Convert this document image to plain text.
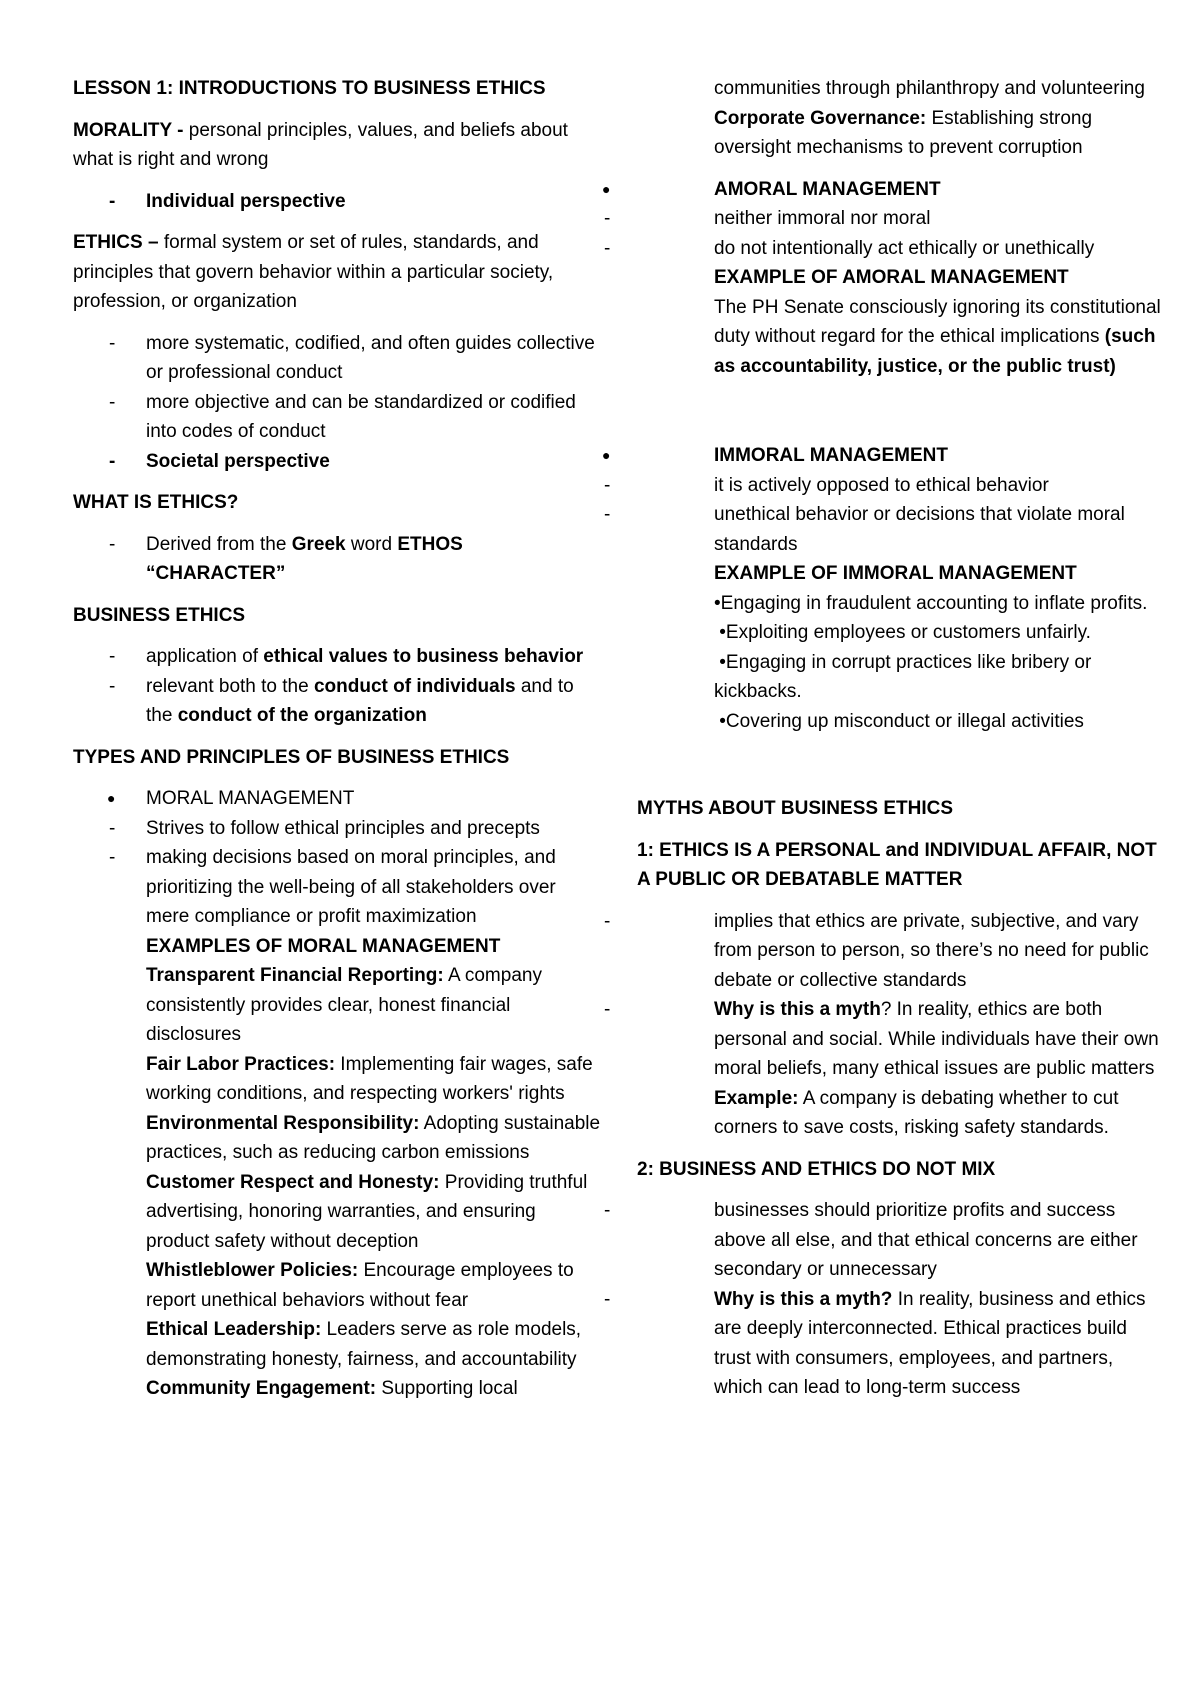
LESSON 1: INTRODUCTIONS TO BUSINESS ETHICS

MORALITY - personal principles, values, and beliefs about what is right and wrong

- Individual perspective

ETHICS – formal system or set of rules, standards, and principles that govern behavior within a particular society, profession, or organization

- more systematic, codified, and often guides collective or professional conduct
- more objective and can be standardized or codified into codes of conduct
- Societal perspective

WHAT IS ETHICS?

- Derived from the Greek word ETHOS
“CHARACTER”

BUSINESS ETHICS

- application of ethical values to business behavior
- relevant both to the conduct of individuals and to the conduct of the organization

TYPES AND PRINCIPLES OF BUSINESS ETHICS

● MORAL MANAGEMENT
- Strives to follow ethical principles and precepts
- making decisions based on moral principles, and prioritizing the well-being of all stakeholders over mere compliance or profit maximization
EXAMPLES OF MORAL MANAGEMENT
Transparent Financial Reporting: A company consistently provides clear, honest financial disclosures
Fair Labor Practices: Implementing fair wages, safe working conditions, and respecting workers' rights
Environmental Responsibility: Adopting sustainable practices, such as reducing carbon emissions
Customer Respect and Honesty: Providing truthful advertising, honoring warranties, and ensuring product safety without deception
Whistleblower Policies: Encourage employees to report unethical behaviors without fear
Ethical Leadership: Leaders serve as role models, demonstrating honesty, fairness, and accountability
Community Engagement: Supporting local

communities through philanthropy and volunteering

Corporate Governance: Establishing strong oversight mechanisms to prevent corruption

● AMORAL MANAGEMENT
- neither immoral nor moral
- do not intentionally act ethically or unethically

EXAMPLE OF AMORAL MANAGEMENT

The PH Senate consciously ignoring its constitutional duty without regard for the ethical implications (such as accountability, justice, or the public trust)

● IMMORAL MANAGEMENT
- it is actively opposed to ethical behavior
- unethical behavior or decisions that violate moral standards

EXAMPLE OF IMMORAL MANAGEMENT

•Engaging in fraudulent accounting to inflate profits.

•Exploiting employees or customers unfairly.

•Engaging in corrupt practices like bribery or kickbacks.

•Covering up misconduct or illegal activities

MYTHS ABOUT BUSINESS ETHICS

1: ETHICS IS A PERSONAL and INDIVIDUAL AFFAIR, NOT A PUBLIC OR DEBATABLE MATTER

- implies that ethics are private, subjective, and vary from person to person, so there’s no need for public debate or collective standards
- Why is this a myth? In reality, ethics are both personal and social. While individuals have their own moral beliefs, many ethical issues are public matters
Example: A company is debating whether to cut corners to save costs, risking safety standards.

2: BUSINESS AND ETHICS DO NOT MIX

- businesses should prioritize profits and success above all else, and that ethical concerns are either secondary or unnecessary
- Why is this a myth? In reality, business and ethics are deeply interconnected. Ethical practices build trust with consumers, employees, and partners, which can lead to long-term success
